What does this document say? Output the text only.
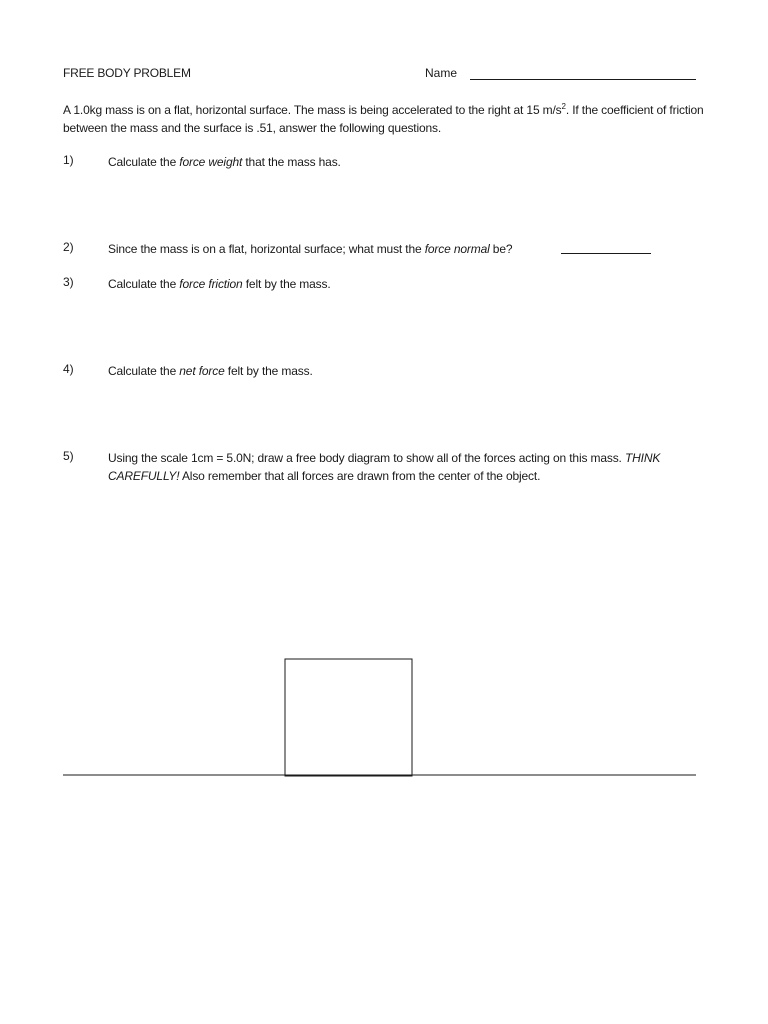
FREE BODY PROBLEM	Name
A 1.0kg mass is on a flat, horizontal surface. The mass is being accelerated to the right at 15 $m/s^2$. If the coefficient of friction between the mass and the surface is .51, answer the following questions.
1)	Calculate the force weight that the mass has.
2)	Since the mass is on a flat, horizontal surface; what must the force normal be?
3)	Calculate the force friction felt by the mass.
4)	Calculate the net force felt by the mass.
5)	Using the scale 1cm = 5.0N; draw a free body diagram to show all of the forces acting on this mass. THINK CAREFULLY! Also remember that all forces are drawn from the center of the object.
